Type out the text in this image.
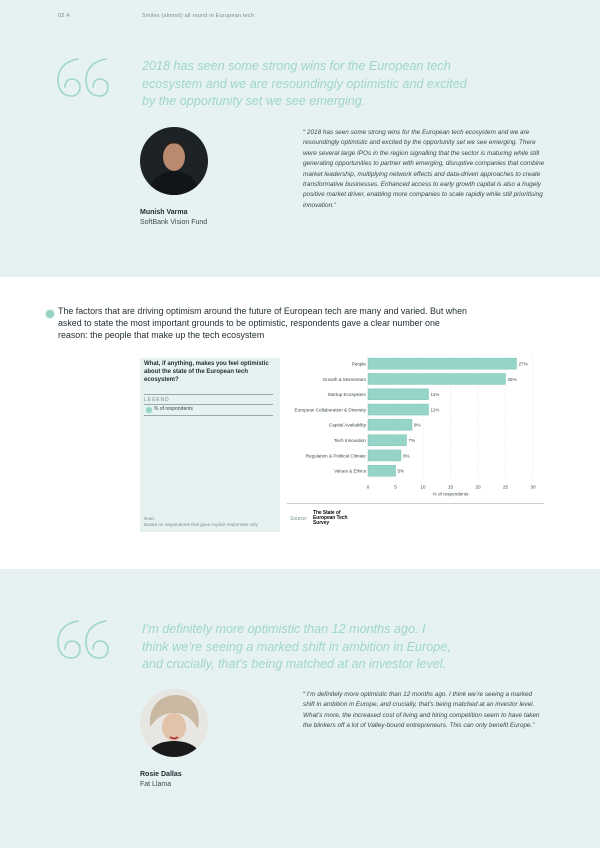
02.4	Smiles (almost) all round in European tech
2018 has seen some strong wins for the European tech ecosystem and we are resoundingly optimistic and excited by the opportunity set we see emerging.
Munish Varma
SoftBank Vision Fund
“ 2018 has seen some strong wins for the European tech ecosystem and we are resoundingly optimistic and excited by the opportunity set we see emerging. There were several large IPOs in the region signalling that the sector is maturing while still generating opportunities to partner with emerging, disruptive companies that combine market leadership, multiplying network effects and data-driven approaches to create transformative businesses. Enhanced access to early growth capital is also a hugely positive market driver, enabling more companies to scale rapidly while still prioritising innovation.”
The factors that are driving optimism around the future of European tech are many and varied. But when asked to state the most important grounds to be optimistic, respondents gave a clear number one reason: the people that make up the tech ecosystem
What, if anything, makes you feel optimistic about the state of the European tech ecosystem?
LEGEND
% of respondents
Note:
Based on respondents that gave explicit responses only
People	27%
Growth & Momentum	25%
Startup Ecosystem	11%
European Collaboration & Diversity	11%
Capital Availability	8%
Tech Innovation	7%
Regulation & Political Climate	6%
Values & Ethics	5%
0	5	10	15	20	25	30
% of respondents
Source:
The State of
European Tech
Survey
I’m definitely more optimistic than 12 months ago. I think we’re seeing a marked shift in ambition in Europe, and crucially, that’s being matched at an investor level.
Rosie Dallas
Fat Llama
“ I’m definitely more optimistic than 12 months ago. I think we’re seeing a marked shift in ambition in Europe, and crucially, that’s being matched at an investor level. What’s more, the increased cost of living and hiring competition seem to have taken the blinkers off a lot of Valley-bound entrepreneurs. This can only benefit Europe.”
